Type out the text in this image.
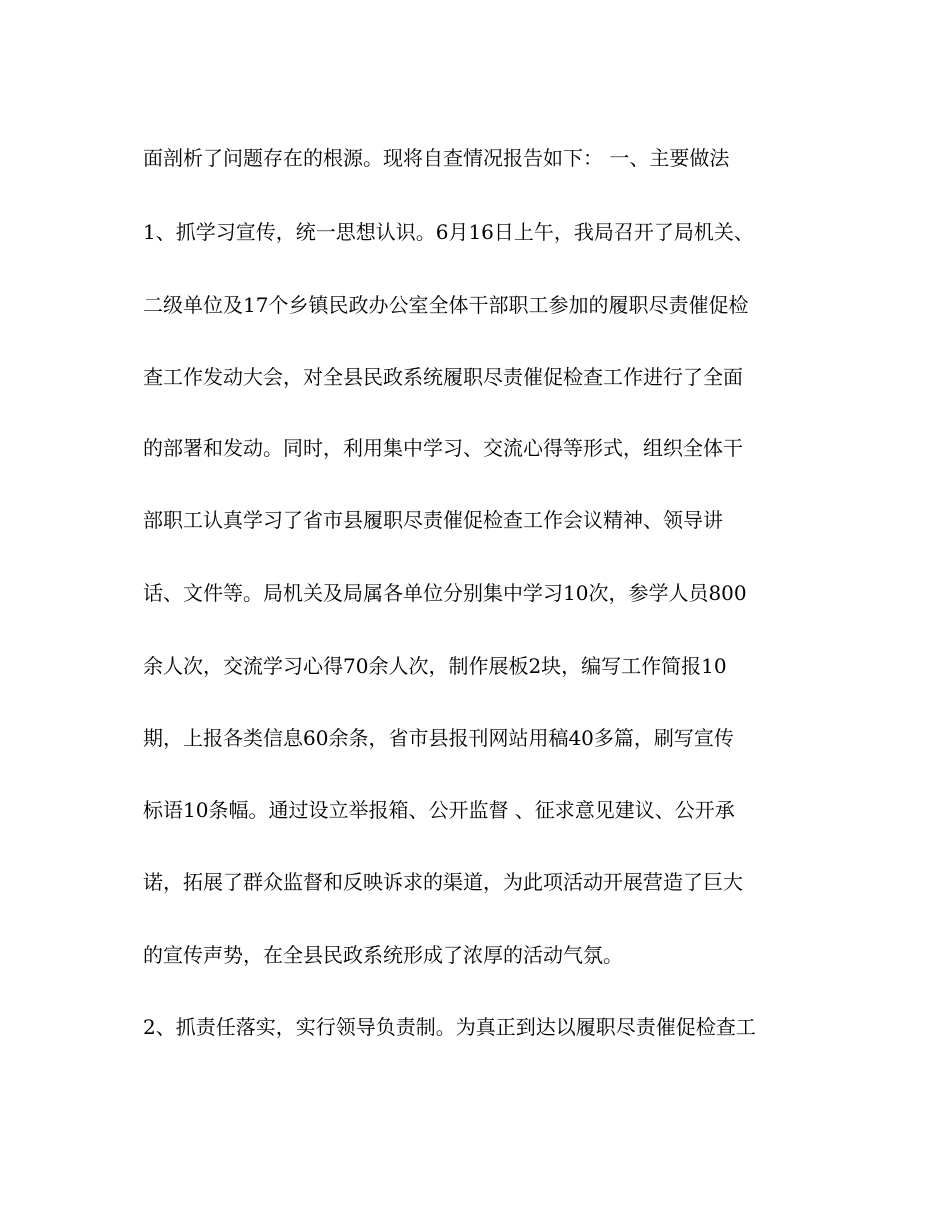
面剖析了问题存在的根源。现将自查情况报告如下： 一、主要做法
1、抓学习宣传，统一思想认识。6月16日上午，我局召开了局机关、
二级单位及17个乡镇民政办公室全体干部职工参加的履职尽责催促检
查工作发动大会，对全县民政系统履职尽责催促检查工作进行了全面
的部署和发动。同时，利用集中学习、交流心得等形式，组织全体干
部职工认真学习了省市县履职尽责催促检查工作会议精神、领导讲
话、文件等。局机关及局属各单位分别集中学习10次，参学人员800
余人次，交流学习心得70余人次，制作展板2块，编写工作简报10
期，上报各类信息60余条，省市县报刊网站用稿40多篇，刷写宣传
标语10条幅。通过设立举报箱、公开监督 、征求意见建议、公开承
诺，拓展了群众监督和反映诉求的渠道，为此项活动开展营造了巨大
的宣传声势，在全县民政系统形成了浓厚的活动气氛。
2、抓责任落实，实行领导负责制。为真正到达以履职尽责催促检查工
